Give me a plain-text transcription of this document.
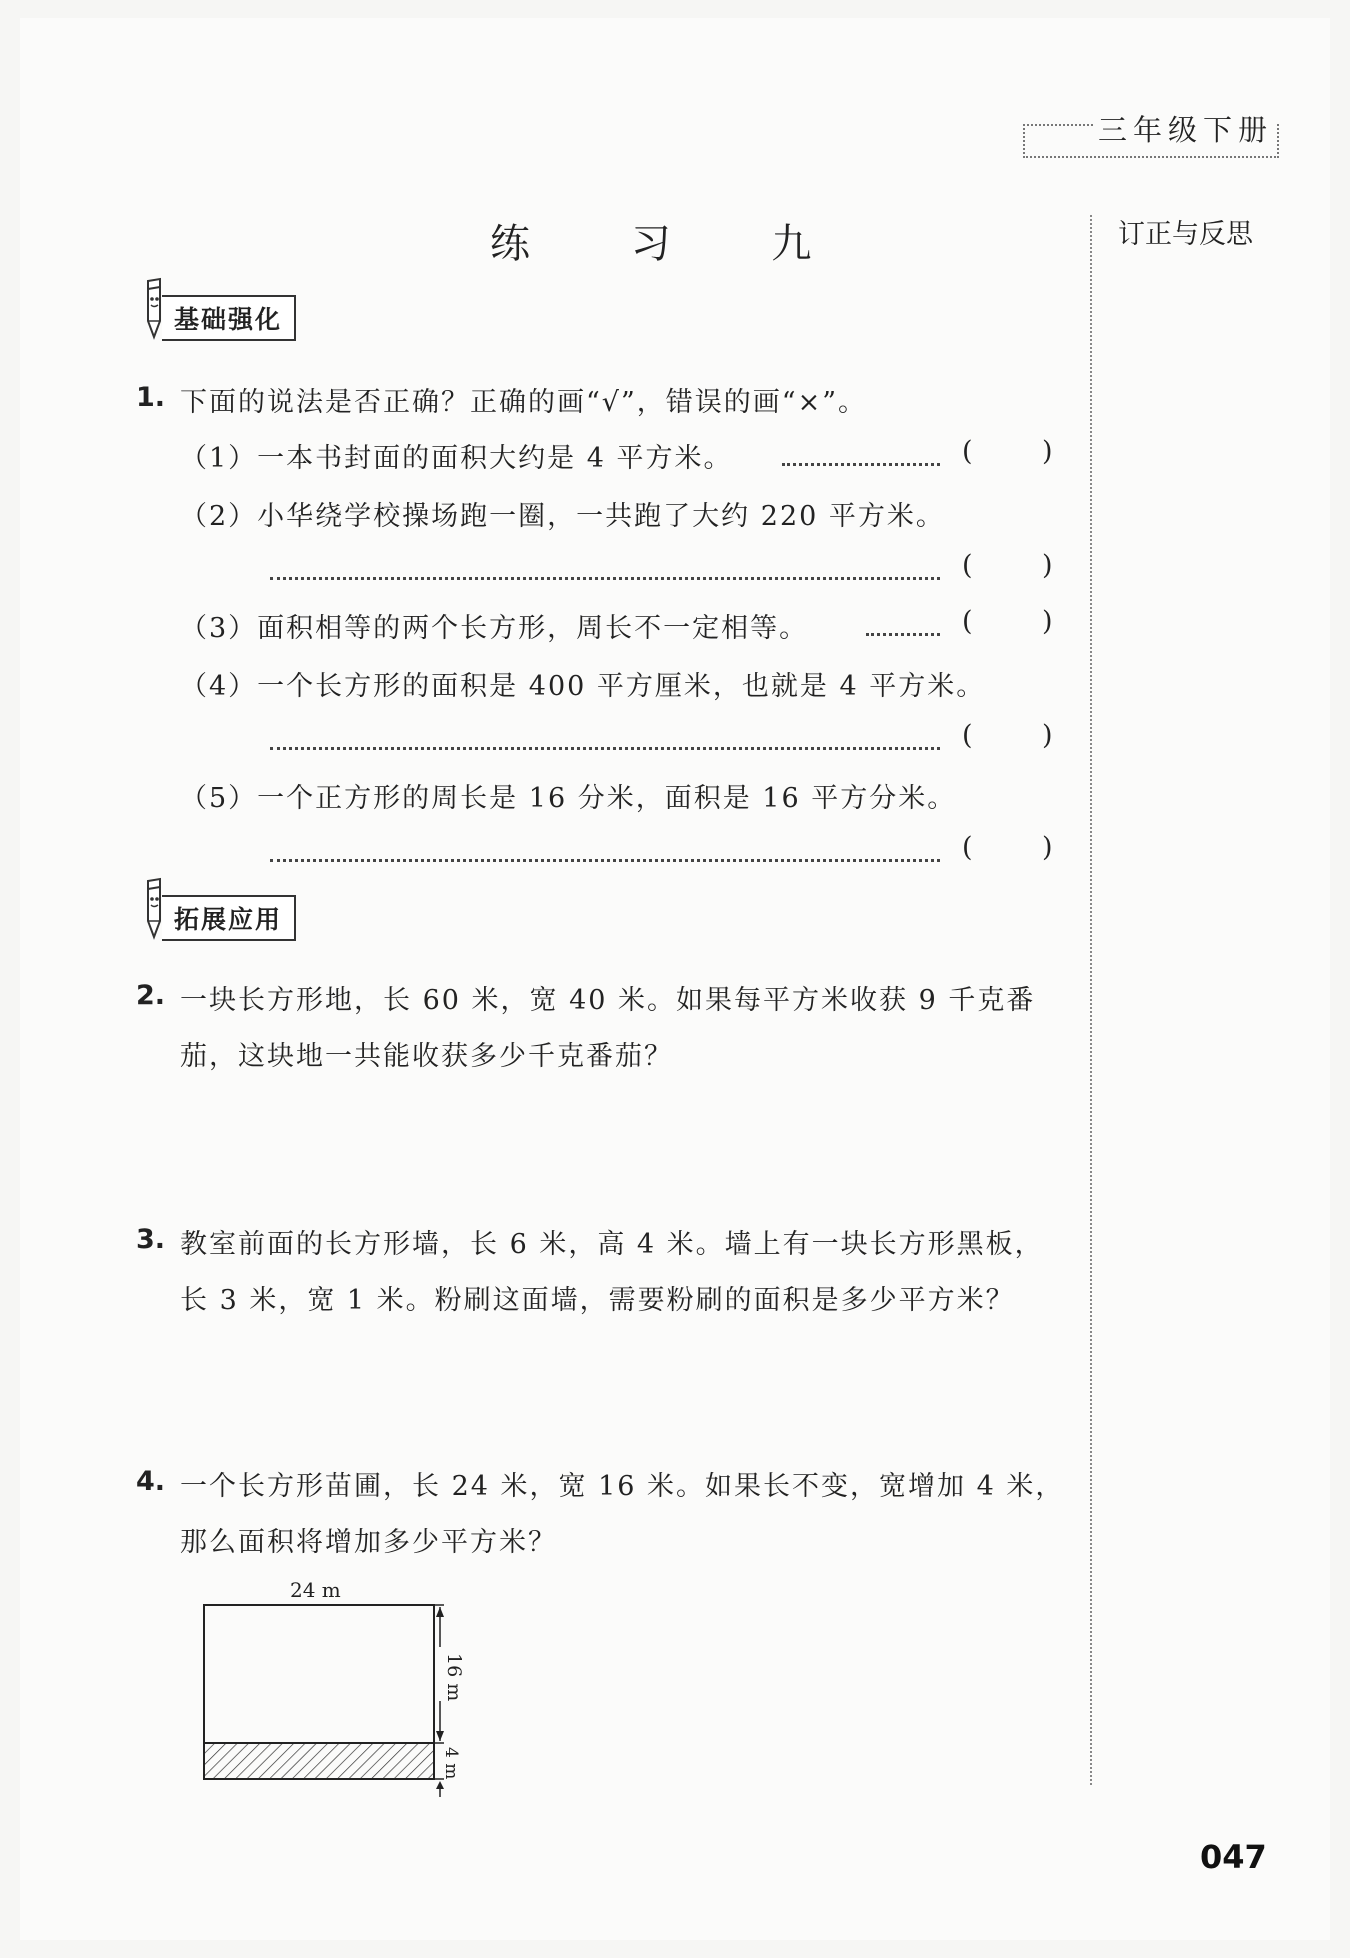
三年级下册
订正与反思
练 习 九
基础强化
1. 下面的说法是否正确？正确的画“√”，错误的画“×”。
（1）一本书封面的面积大约是 4 平方米。	(	)
（2）小华绕学校操场跑一圈，一共跑了大约 220 平方米。
(	)
（3）面积相等的两个长方形，周长不一定相等。	(	)
（4）一个长方形的面积是 400 平方厘米，也就是 4 平方米。
(	)
（5）一个正方形的周长是 16 分米，面积是 16 平方分米。
(	)
拓展应用
2. 一块长方形地，长 60 米，宽 40 米。如果每平方米收获 9 千克番
茄，这块地一共能收获多少千克番茄？
3. 教室前面的长方形墙，长 6 米，高 4 米。墙上有一块长方形黑板，
长 3 米，宽 1 米。粉刷这面墙，需要粉刷的面积是多少平方米？
4. 一个长方形苗圃，长 24 米，宽 16 米。如果长不变，宽增加 4 米，
那么面积将增加多少平方米？
24 m
16 m
4 m
047
